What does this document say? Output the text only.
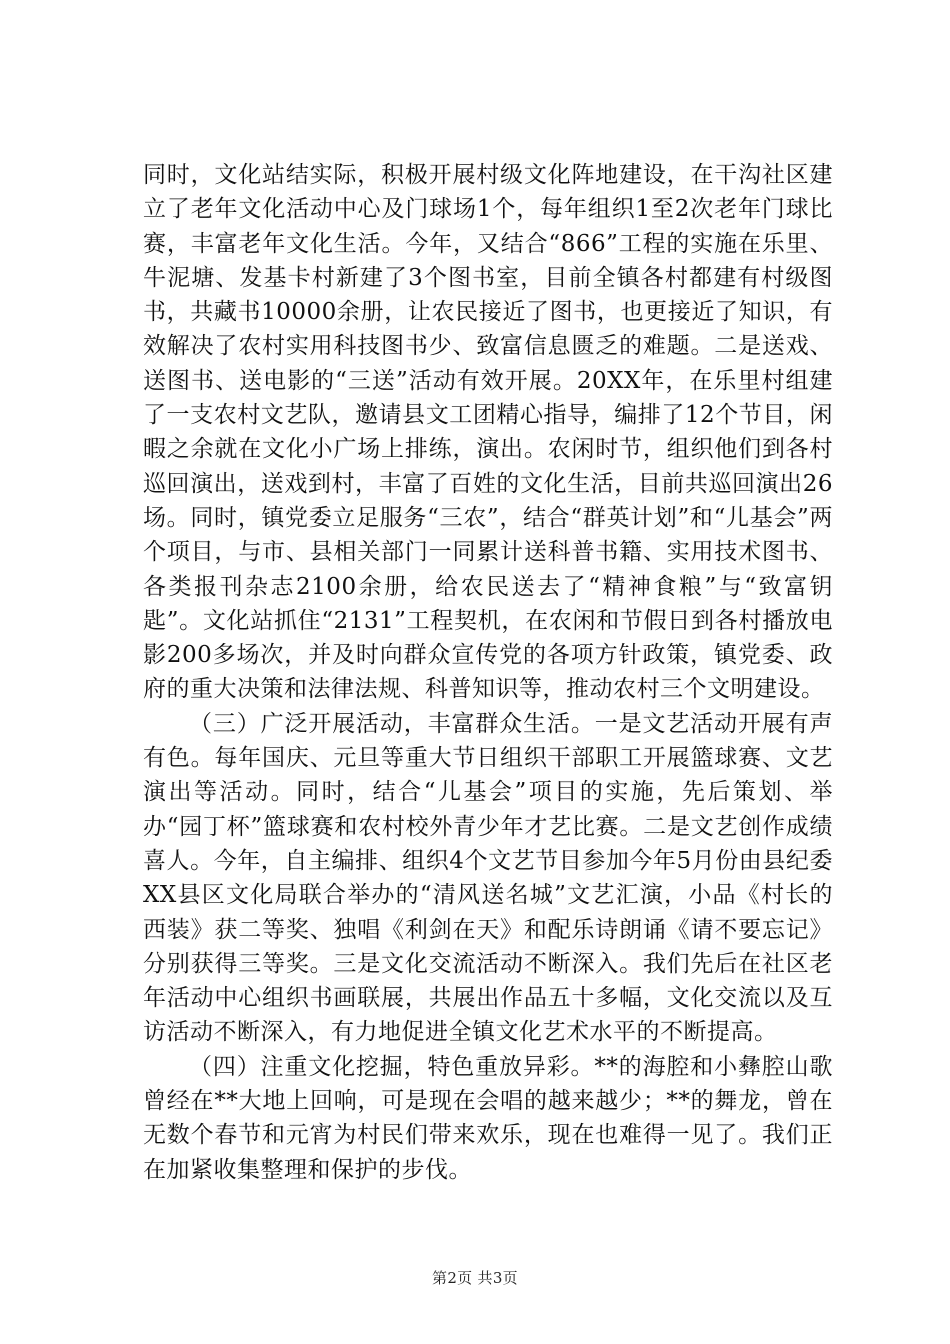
同时，文化站结实际，积极开展村级文化阵地建设，在干沟社区建立了老年文化活动中心及门球场1个，每年组织1至2次老年门球比赛，丰富老年文化生活。今年，又结合“866”工程的实施在乐里、牛泥塘、发基卡村新建了3个图书室，目前全镇各村都建有村级图书，共藏书10000余册，让农民接近了图书，也更接近了知识，有效解决了农村实用科技图书少、致富信息匮乏的难题。二是送戏、送图书、送电影的“三送”活动有效开展。20XX年，在乐里村组建了一支农村文艺队，邀请县文工团精心指导，编排了12个节目，闲暇之余就在文化小广场上排练，演出。农闲时节，组织他们到各村巡回演出，送戏到村，丰富了百姓的文化生活，目前共巡回演出26场。同时，镇党委立足服务“三农”，结合“群英计划”和“儿基会”两个项目，与市、县相关部门一同累计送科普书籍、实用技术图书、各类报刊杂志2100余册，给农民送去了“精神食粮”与“致富钥匙”。文化站抓住“2131”工程契机，在农闲和节假日到各村播放电影200多场次，并及时向群众宣传党的各项方针政策，镇党委、政府的重大决策和法律法规、科普知识等，推动农村三个文明建设。

（三）广泛开展活动，丰富群众生活。一是文艺活动开展有声有色。每年国庆、元旦等重大节日组织干部职工开展篮球赛、文艺演出等活动。同时，结合“儿基会”项目的实施，先后策划、举办“园丁杯”篮球赛和农村校外青少年才艺比赛。二是文艺创作成绩喜人。今年，自主编排、组织4个文艺节目参加今年5月份由县纪委XX县区文化局联合举办的“清风送名城”文艺汇演，小品《村长的西装》获二等奖、独唱《利剑在天》和配乐诗朗诵《请不要忘记》分别获得三等奖。三是文化交流活动不断深入。我们先后在社区老年活动中心组织书画联展，共展出作品五十多幅，文化交流以及互访活动不断深入，有力地促进全镇文化艺术水平的不断提高。

（四）注重文化挖掘，特色重放异彩。**的海腔和小彝腔山歌曾经在**大地上回响，可是现在会唱的越来越少；**的舞龙，曾在无数个春节和元宵为村民们带来欢乐，现在也难得一见了。我们正在加紧收集整理和保护的步伐。

第2页 共3页
